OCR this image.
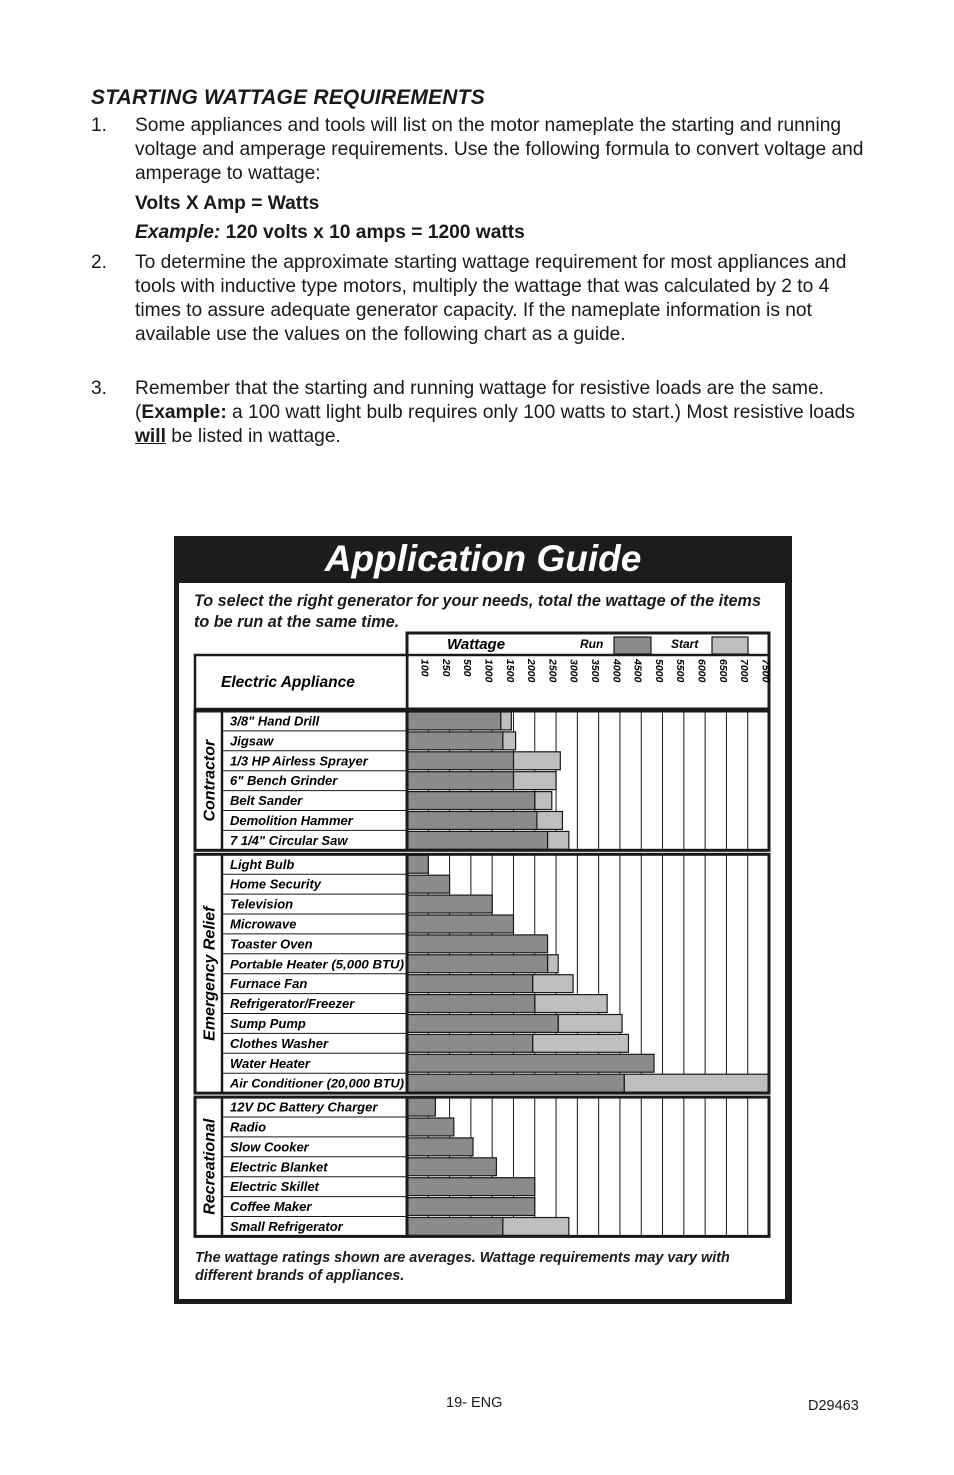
STARTING WATTAGE REQUIREMENTS
1. Some appliances and tools will list on the motor nameplate the starting and running voltage and amperage requirements. Use the following formula to convert voltage and amperage to wattage:
Volts X Amp = Watts
Example: 120 volts x 10 amps = 1200 watts
2. To determine the approximate starting wattage requirement for most appliances and tools with inductive type motors, multiply the wattage that was calculated by 2 to 4 times to assure adequate generator capacity. If the nameplate information is not available use the values on the following chart as a guide.
3. Remember that the starting and running wattage for resistive loads are the same. (Example: a 100 watt light bulb requires only 100 watts to start.) Most resistive loads will be listed in wattage.
Application Guide
To select the right generator for your needs, total the wattage of the items to be run at the same time.
Wattage	Run	Start
100 250 500 1000 1500 2000 2500 3000 3500 4000 4500 5000 5500 6000 6500 7000 7500
Electric Appliance
3/8" Hand Drill
Jigsaw
1/3 HP Airless Sprayer
6" Bench Grinder
Belt Sander
Demolition Hammer
7 1/4" Circular Saw
Contractor
Light Bulb
Home Security
Television
Microwave
Toaster Oven
Portable Heater (5,000 BTU)
Furnace Fan
Refrigerator/Freezer
Sump Pump
Clothes Washer
Water Heater
Air Conditioner (20,000 BTU)
Emergency Relief
12V DC Battery Charger
Radio
Slow Cooker
Electric Blanket
Electric Skillet
Coffee Maker
Small Refrigerator
Recreational
The wattage ratings shown are averages. Wattage requirements may vary with different brands of appliances.
19- ENG	D29463
